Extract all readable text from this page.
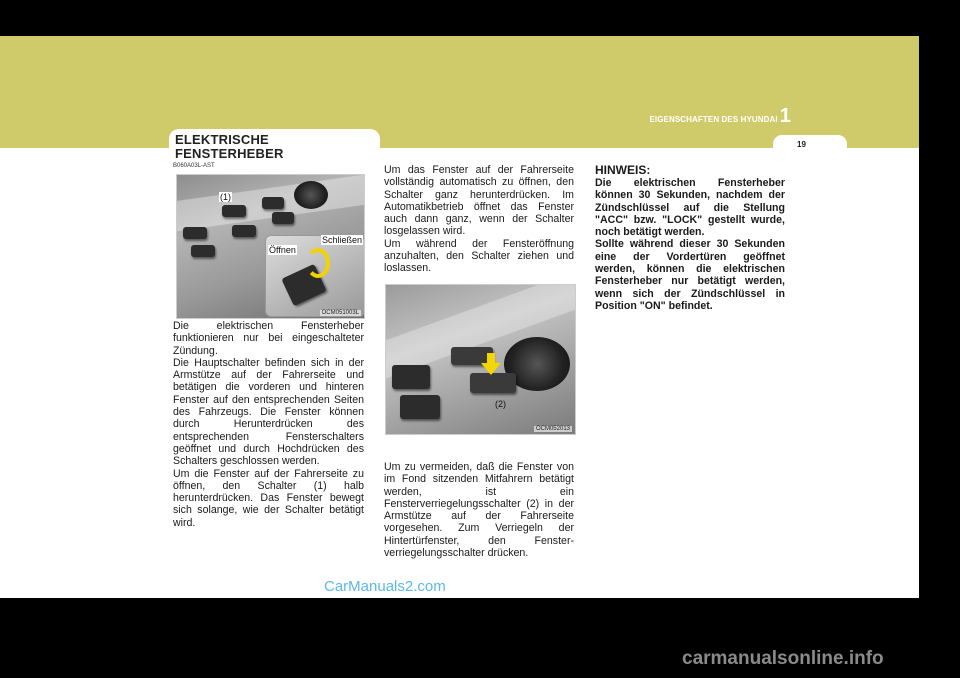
EIGENSCHAFTEN DES HYUNDAI 1
19
ELEKTRISCHE
FENSTERHEBER
B060A03L-AST
(1)
Öffnen
Schließen
OCM051003L

Die elektrischen Fensterheber funktionieren nur bei eingeschalteter Zündung.

Die Hauptschalter befinden sich in der Armstütze auf der Fahrerseite und betätigen die vorderen und hinteren Fenster auf den entsprechenden Seiten des Fahrzeugs. Die Fenster können durch Herunterdrücken des entsprechenden Fensterschalters geöffnet und durch Hochdrücken des Schalters geschlossen werden.

Um die Fenster auf der Fahrerseite zu öffnen, den Schalter (1) halb herunterdrücken. Das Fenster bewegt sich solange, wie der Schalter betätigt wird.

Um das Fenster auf der Fahrerseite vollständig automatisch zu öffnen, den Schalter ganz herunterdrücken. Im Automatikbetrieb öffnet das Fenster auch dann ganz, wenn der Schalter losgelassen wird.

Um während der Fensteröffnung anzuhalten, den Schalter ziehen und loslassen.

(2)
OCM052013

Um zu vermeiden, daß die Fenster von im Fond sitzenden Mitfahrern betätigt werden, ist ein Fensterverriegelungsschalter (2) in der Armstütze auf der Fahrerseite vorgesehen. Zum Verriegeln der Hintertürfenster, den Fenster-verriegelungsschalter drücken.

HINWEIS:

Die elektrischen Fensterheber können 30 Sekunden, nachdem der Zündschlüssel auf die Stellung "ACC" bzw. "LOCK" gestellt wurde, noch betätigt werden.

Sollte während dieser 30 Sekunden eine der Vordertüren geöffnet werden, können die elektrischen Fensterheber nur betätigt werden, wenn sich der Zündschlüssel in Position "ON" befindet.

CarManuals2.com
carmanualsonline.info
